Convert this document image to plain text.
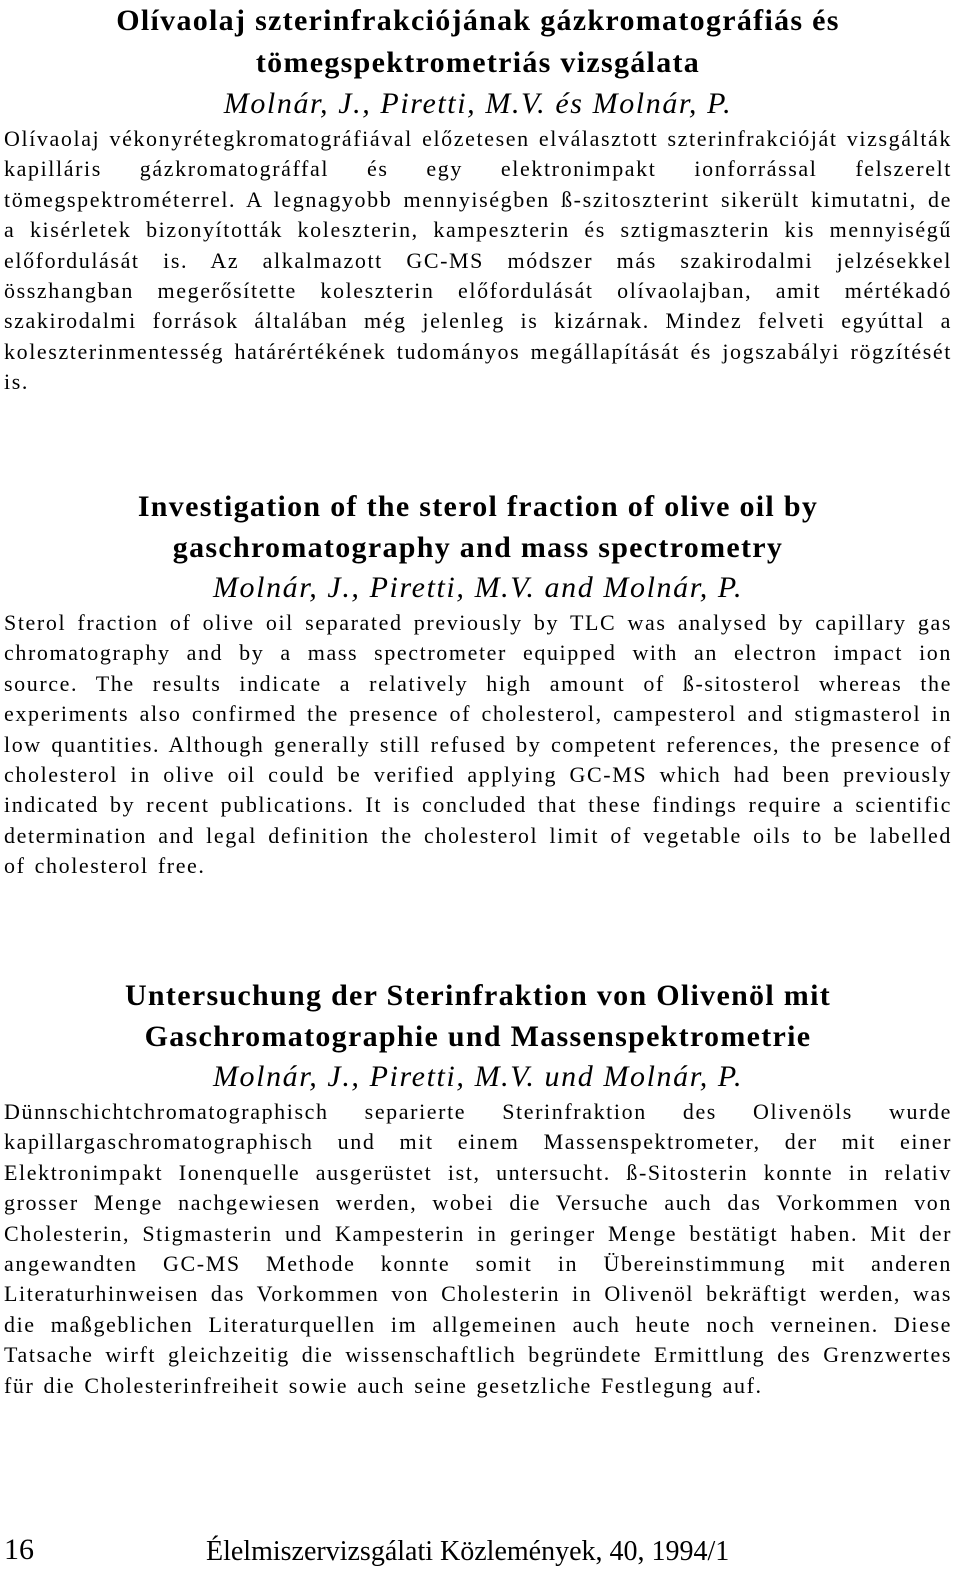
Olívaolaj szterinfrakciójának gázkromatográfiás és tömegspektrometriás vizsgálata

Molnár, J., Piretti, M.V. és Molnár, P.

Olívaolaj vékonyrétegkromatográfiával előzetesen elválasztott szterinfrakcióját vizsgálták kapilláris gázkromatográffal és egy elektronimpakt ionforrással felszerelt tömegspektrométerrel. A legnagyobb mennyiségben ß-szitoszterint sikerült kimutatni, de a kisérletek bizonyították koleszterin, kampeszterin és sztigmaszterin kis mennyiségű előfordulását is. Az alkalmazott GC-MS módszer más szakirodalmi jelzésekkel összhangban megerősítette koleszterin előfordulását olívaolajban, amit mértékadó szakirodalmi források általában még jelenleg is kizárnak. Mindez felveti egyúttal a koleszterinmentesség határértékének tudományos megállapítását és jogszabályi rögzítését is.

Investigation of the sterol fraction of olive oil by gaschromatography and mass spectrometry

Molnár, J., Piretti, M.V. and Molnár, P.

Sterol fraction of olive oil separated previously by TLC was analysed by capillary gas chromatography and by a mass spectrometer equipped with an electron impact ion source. The results indicate a relatively high amount of ß-sitosterol whereas the experiments also confirmed the presence of cholesterol, campesterol and stigmasterol in low quantities. Although generally still refused by competent references, the presence of cholesterol in olive oil could be verified applying GC-MS which had been previously indicated by recent publications. It is concluded that these findings require a scientific determination and legal definition the cholesterol limit of vegetable oils to be labelled of cholesterol free.

Untersuchung der Sterinfraktion von Olivenöl mit Gaschromatographie und Massenspektrometrie

Molnár, J., Piretti, M.V. und Molnár, P.

Dünnschichtchromatographisch separierte Sterinfraktion des Olivenöls wurde kapillargaschromatographisch und mit einem Massenspektrometer, der mit einer Elektronimpakt Ionenquelle ausgerüstet ist, untersucht. ß-Sitosterin konnte in relativ grosser Menge nachgewiesen werden, wobei die Versuche auch das Vorkommen von Cholesterin, Stigmasterin und Kampesterin in geringer Menge bestätigt haben. Mit der angewandten GC-MS Methode konnte somit in Übereinstimmung mit anderen Literaturhinweisen das Vorkommen von Cholesterin in Olivenöl bekräftigt werden, was die maßgeblichen Literaturquellen im allgemeinen auch heute noch verneinen. Diese Tatsache wirft gleichzeitig die wissenschaftlich begründete Ermittlung des Grenzwertes für die Cholesterinfreiheit sowie auch seine gesetzliche Festlegung auf.

16	Élelmiszervizsgálati Közlemények, 40, 1994/1
